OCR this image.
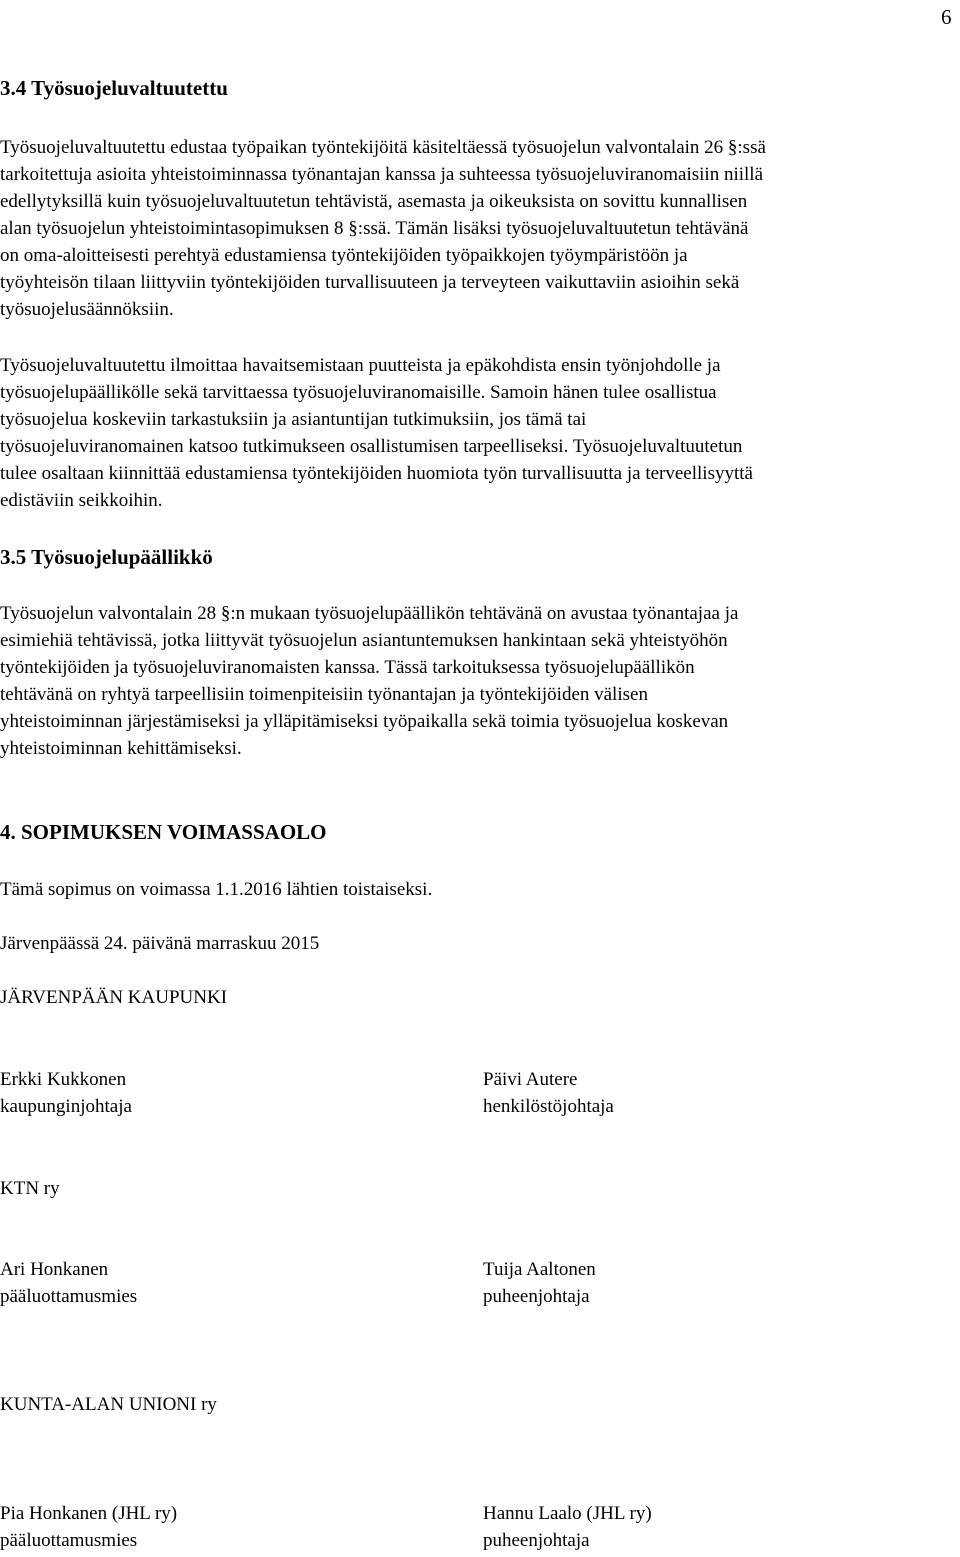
6
3.4 Työsuojeluvaltuutettu

Työsuojeluvaltuutettu edustaa työpaikan työntekijöitä käsiteltäessä työsuojelun valvontalain 26 §:ssä
tarkoitettuja asioita yhteistoiminnassa työnantajan kanssa ja suhteessa työsuojeluviranomaisiin niillä
edellytyksillä kuin työsuojeluvaltuutetun tehtävistä, asemasta ja oikeuksista on sovittu kunnallisen
alan työsuojelun yhteistoimintasopimuksen 8 §:ssä. Tämän lisäksi työsuojeluvaltuutetun tehtävänä
on oma-aloitteisesti perehtyä edustamiensa työntekijöiden työpaikkojen työympäristöön ja
työyhteisön tilaan liittyviin työntekijöiden turvallisuuteen ja terveyteen vaikuttaviin asioihin sekä
työsuojelusäännöksiin.

Työsuojeluvaltuutettu ilmoittaa havaitsemistaan puutteista ja epäkohdista ensin työnjohdolle ja
työsuojelupäällikölle sekä tarvittaessa työsuojeluviranomaisille. Samoin hänen tulee osallistua
työsuojelua koskeviin tarkastuksiin ja asiantuntijan tutkimuksiin, jos tämä tai
työsuojeluviranomainen katsoo tutkimukseen osallistumisen tarpeelliseksi. Työsuojeluvaltuutetun
tulee osaltaan kiinnittää edustamiensa työntekijöiden huomiota työn turvallisuutta ja terveellisyyttä
edistäviin seikkoihin.

3.5 Työsuojelupäällikkö

Työsuojelun valvontalain 28 §:n mukaan työsuojelupäällikön tehtävänä on avustaa työnantajaa ja
esimiehiä tehtävissä, jotka liittyvät työsuojelun asiantuntemuksen hankintaan sekä yhteistyöhön
työntekijöiden ja työsuojeluviranomaisten kanssa. Tässä tarkoituksessa työsuojelupäällikön
tehtävänä on ryhtyä tarpeellisiin toimenpiteisiin työnantajan ja työntekijöiden välisen
yhteistoiminnan järjestämiseksi ja ylläpitämiseksi työpaikalla sekä toimia työsuojelua koskevan
yhteistoiminnan kehittämiseksi.

4. SOPIMUKSEN VOIMASSAOLO
Tämä sopimus on voimassa 1.1.2016 lähtien toistaiseksi.
Järvenpäässä 24. päivänä marraskuu 2015
JÄRVENPÄÄN KAUPUNKI
Erkki Kukkonen
kaupunginjohtaja
Päivi Autere
henkilöstöjohtaja
KTN ry
Ari Honkanen
pääluottamusmies
Tuija Aaltonen
puheenjohtaja
KUNTA-ALAN UNIONI ry
Pia Honkanen (JHL ry)
pääluottamusmies
Hannu Laalo (JHL ry)
puheenjohtaja
